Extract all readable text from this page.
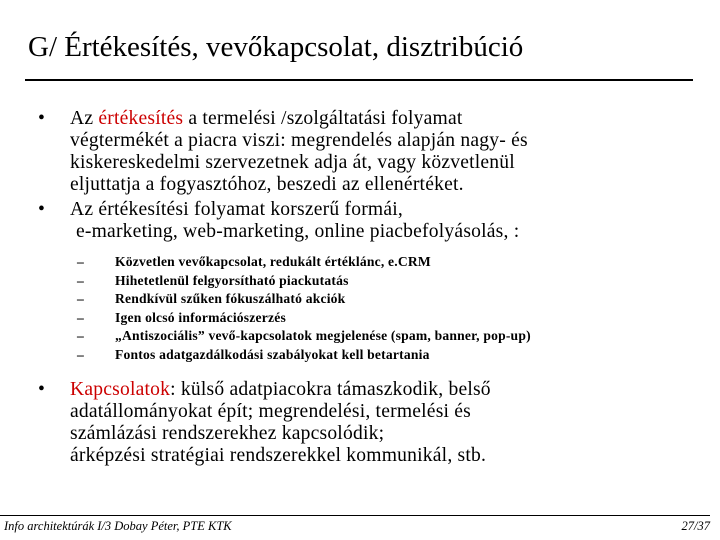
G/ Értékesítés, vevőkapcsolat, disztribúció
• Az értékesítés a termelési /szolgáltatási folyamat
végtermékét a piacra viszi: megrendelés alapján nagy- és
kiskereskedelmi szervezetnek adja át, vagy közvetlenül
eljuttatja a fogyasztóhoz, beszedi az ellenértéket.
• Az értékesítési folyamat korszerű formái,
e-marketing, web-marketing, online piacbefolyásolás, :
– Közvetlen vevőkapcsolat, redukált értéklánc, e.CRM
– Hihetetlenül felgyorsítható piackutatás
– Rendkívül szűken fókuszálható akciók
– Igen olcsó információszerzés
– „Antiszociális” vevő-kapcsolatok megjelenése (spam, banner, pop-up)
– Fontos adatgazdálkodási szabályokat kell betartania
• Kapcsolatok: külső adatpiacokra támaszkodik, belső
adatállományokat épít; megrendelési, termelési és
számlázási rendszerekhez kapcsolódik;
árképzési stratégiai rendszerekkel kommunikál, stb.
Info architektúrák I/3 Dobay Péter, PTE KTK	27/37
